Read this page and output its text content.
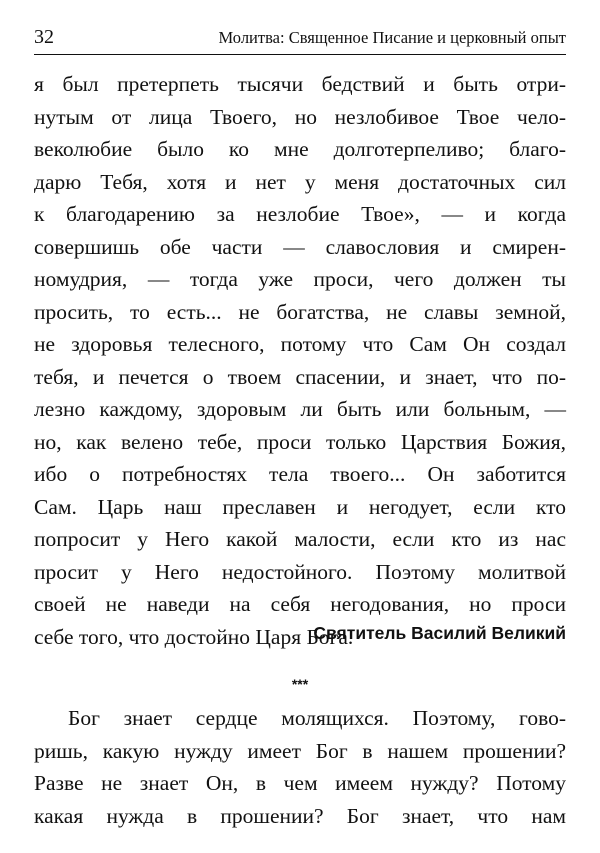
32	Молитва: Священное Писание и церковный опыт
я был претерпеть тысячи бедствий и быть отри-
нутым от лица Твоего, но незлобивое Твое чело-
веколюбие было ко мне долготерпеливо; благо-
дарю Тебя, хотя и нет у меня достаточных сил
к благодарению за незлобие Твое», — и когда
совершишь обе части — славословия и смирен-
номудрия, — тогда уже проси, чего должен ты
просить, то есть... не богатства, не славы земной,
не здоровья телесного, потому что Сам Он создал
тебя, и печется о твоем спасении, и знает, что по-
лезно каждому, здоровым ли быть или больным, —
но, как велено тебе, проси только Царствия Божия,
ибо о потребностях тела твоего... Он заботится
Сам. Царь наш преславен и негодует, если кто
попросит у Него какой малости, если кто из нас
просит у Него недостойного. Поэтому молитвой
своей не наведи на себя негодования, но проси
себе того, что достойно Царя Бога.
Святитель Василий Великий
***
Бог знает сердце молящихся. Поэтому, гово-
ришь, какую нужду имеет Бог в нашем прошении?
Разве не знает Он, в чем имеем нужду? Потому
какая нужда в прошении? Бог знает, что нам
